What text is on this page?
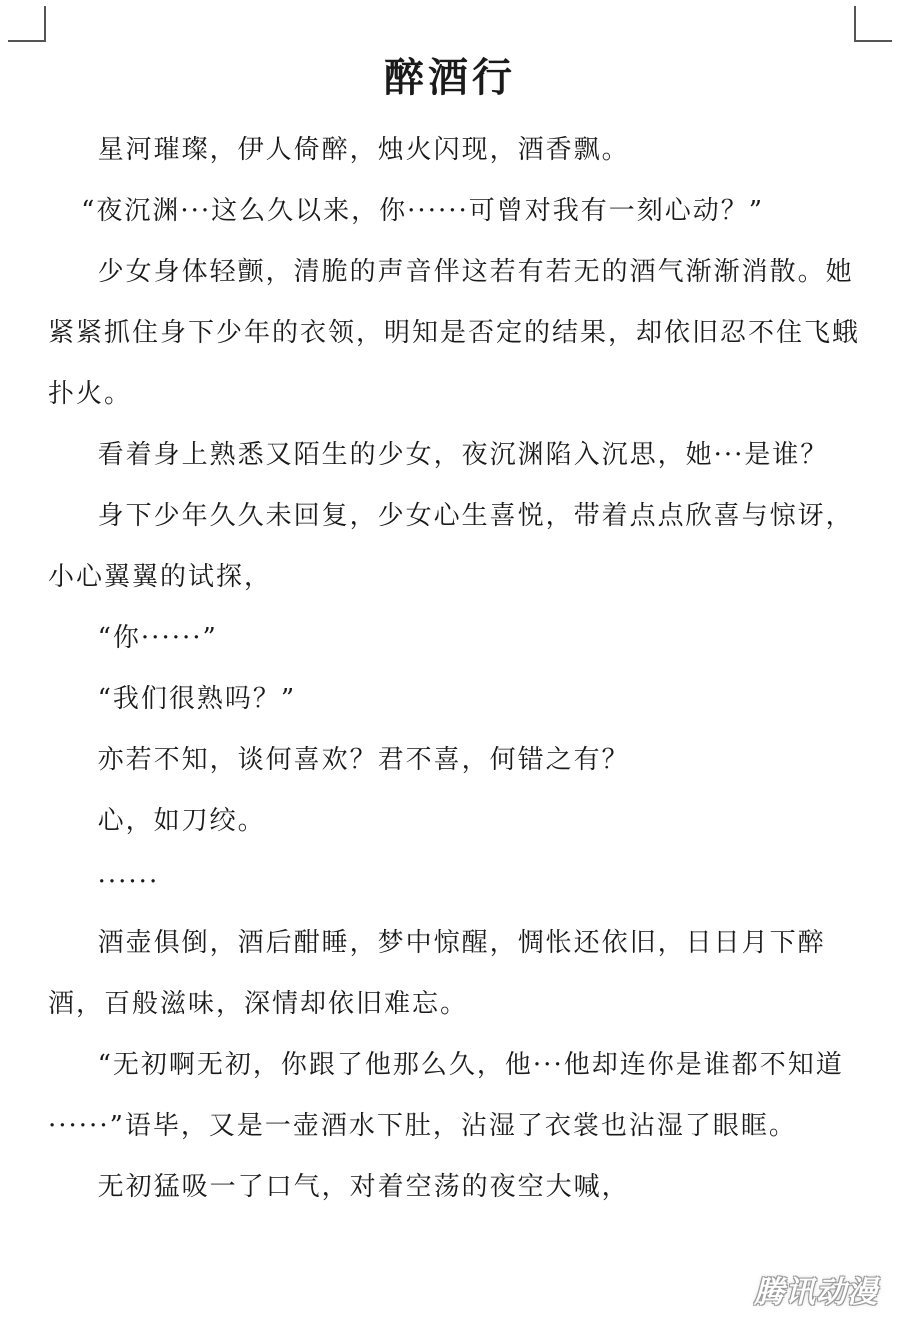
醉酒行

星河璀璨，伊人倚醉，烛火闪现，酒香飘。

“夜沉渊···这么久以来，你······可曾对我有一刻心动？”

少女身体轻颤，清脆的声音伴这若有若无的酒气渐渐消散。她紧紧抓住身下少年的衣领，明知是否定的结果，却依旧忍不住飞蛾扑火。

看着身上熟悉又陌生的少女，夜沉渊陷入沉思，她···是谁？

身下少年久久未回复，少女心生喜悦，带着点点欣喜与惊讶，小心翼翼的试探，

“你······”

“我们很熟吗？”

亦若不知，谈何喜欢？君不喜，何错之有？

心，如刀绞。

······

酒壶俱倒，酒后酣睡，梦中惊醒，惆怅还依旧，日日月下醉酒，百般滋味，深情却依旧难忘。

“无初啊无初，你跟了他那么久，他···他却连你是谁都不知道······”语毕，又是一壶酒水下肚，沾湿了衣裳也沾湿了眼眶。

无初猛吸一了口气，对着空荡的夜空大喊，

腾讯动漫
